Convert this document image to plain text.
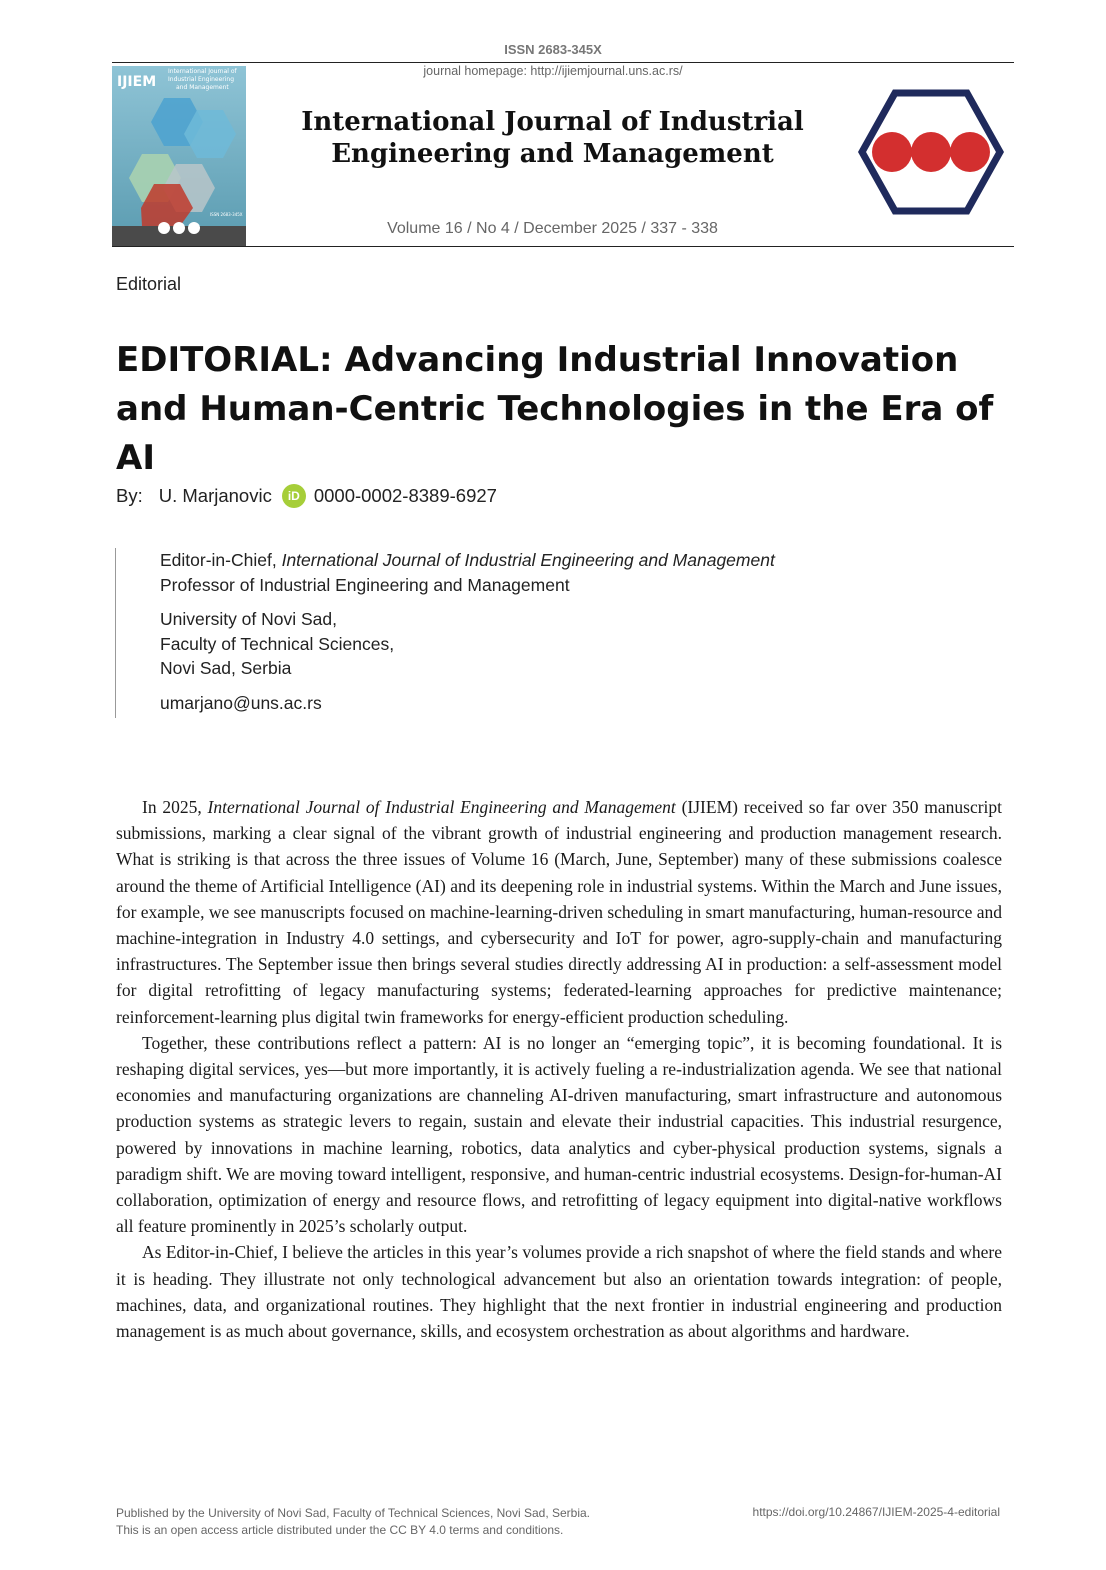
ISSN 2683-345X
journal homepage: http://ijiemjournal.uns.ac.rs/
IJIEM
International Journal of
Industrial Engineering
and Management
ISSN 2683-345X
International Journal of Industrial
Engineering and Management
Volume 16 / No 4 / December 2025 / 337 - 338
Editorial
EDITORIAL: Advancing Industrial Innovation and Human-Centric Technologies in the Era of AI
By: U. Marjanovic	iD 0000-0002-8389-6927
Editor-in-Chief, International Journal of Industrial Engineering and Management
Professor of Industrial Engineering and Management
University of Novi Sad,
Faculty of Technical Sciences,
Novi Sad, Serbia
umarjano@uns.ac.rs

In 2025, International Journal of Industrial Engineering and Management (IJIEM) received so far over 350 manuscript submissions, marking a clear signal of the vibrant growth of industrial engineering and production management research. What is striking is that across the three issues of Volume 16 (March, June, September) many of these submissions coalesce around the theme of Artificial Intelligence (AI) and its deepening role in industrial systems. Within the March and June issues, for example, we see manuscripts focused on machine-learning-driven scheduling in smart manufacturing, human-resource and machine-integration in Industry 4.0 settings, and cybersecurity and IoT for power, agro-supply-chain and manufacturing infrastructures. The September issue then brings several studies directly addressing AI in production: a self-assessment model for digital retrofitting of legacy manufacturing systems; federated-learning approaches for predictive maintenance; reinforcement-learning plus digital twin frameworks for energy-efficient production scheduling.

Together, these contributions reflect a pattern: AI is no longer an “emerging topic”, it is becoming foundational. It is reshaping digital services, yes—but more importantly, it is actively fueling a re-industrialization agenda. We see that national economies and manufacturing organizations are channeling AI-driven manufacturing, smart infrastructure and autonomous production systems as strategic levers to regain, sustain and elevate their industrial capacities. This industrial resurgence, powered by innovations in machine learning, robotics, data analytics and cyber-physical production systems, signals a paradigm shift. We are moving toward intelligent, responsive, and human-centric industrial ecosystems. Design-for-human-AI collaboration, optimization of energy and resource flows, and retrofitting of legacy equipment into digital-native workflows all feature prominently in 2025’s scholarly output.

As Editor-in-Chief, I believe the articles in this year’s volumes provide a rich snapshot of where the field stands and where it is heading. They illustrate not only technological advancement but also an orientation towards integration: of people, machines, data, and organizational routines. They highlight that the next frontier in industrial engineering and production management is as much about governance, skills, and ecosystem orchestration as about algorithms and hardware.

Published by the University of Novi Sad, Faculty of Technical Sciences, Novi Sad, Serbia.
This is an open access article distributed under the CC BY 4.0 terms and conditions.
https://doi.org/10.24867/IJIEM-2025-4-editorial
